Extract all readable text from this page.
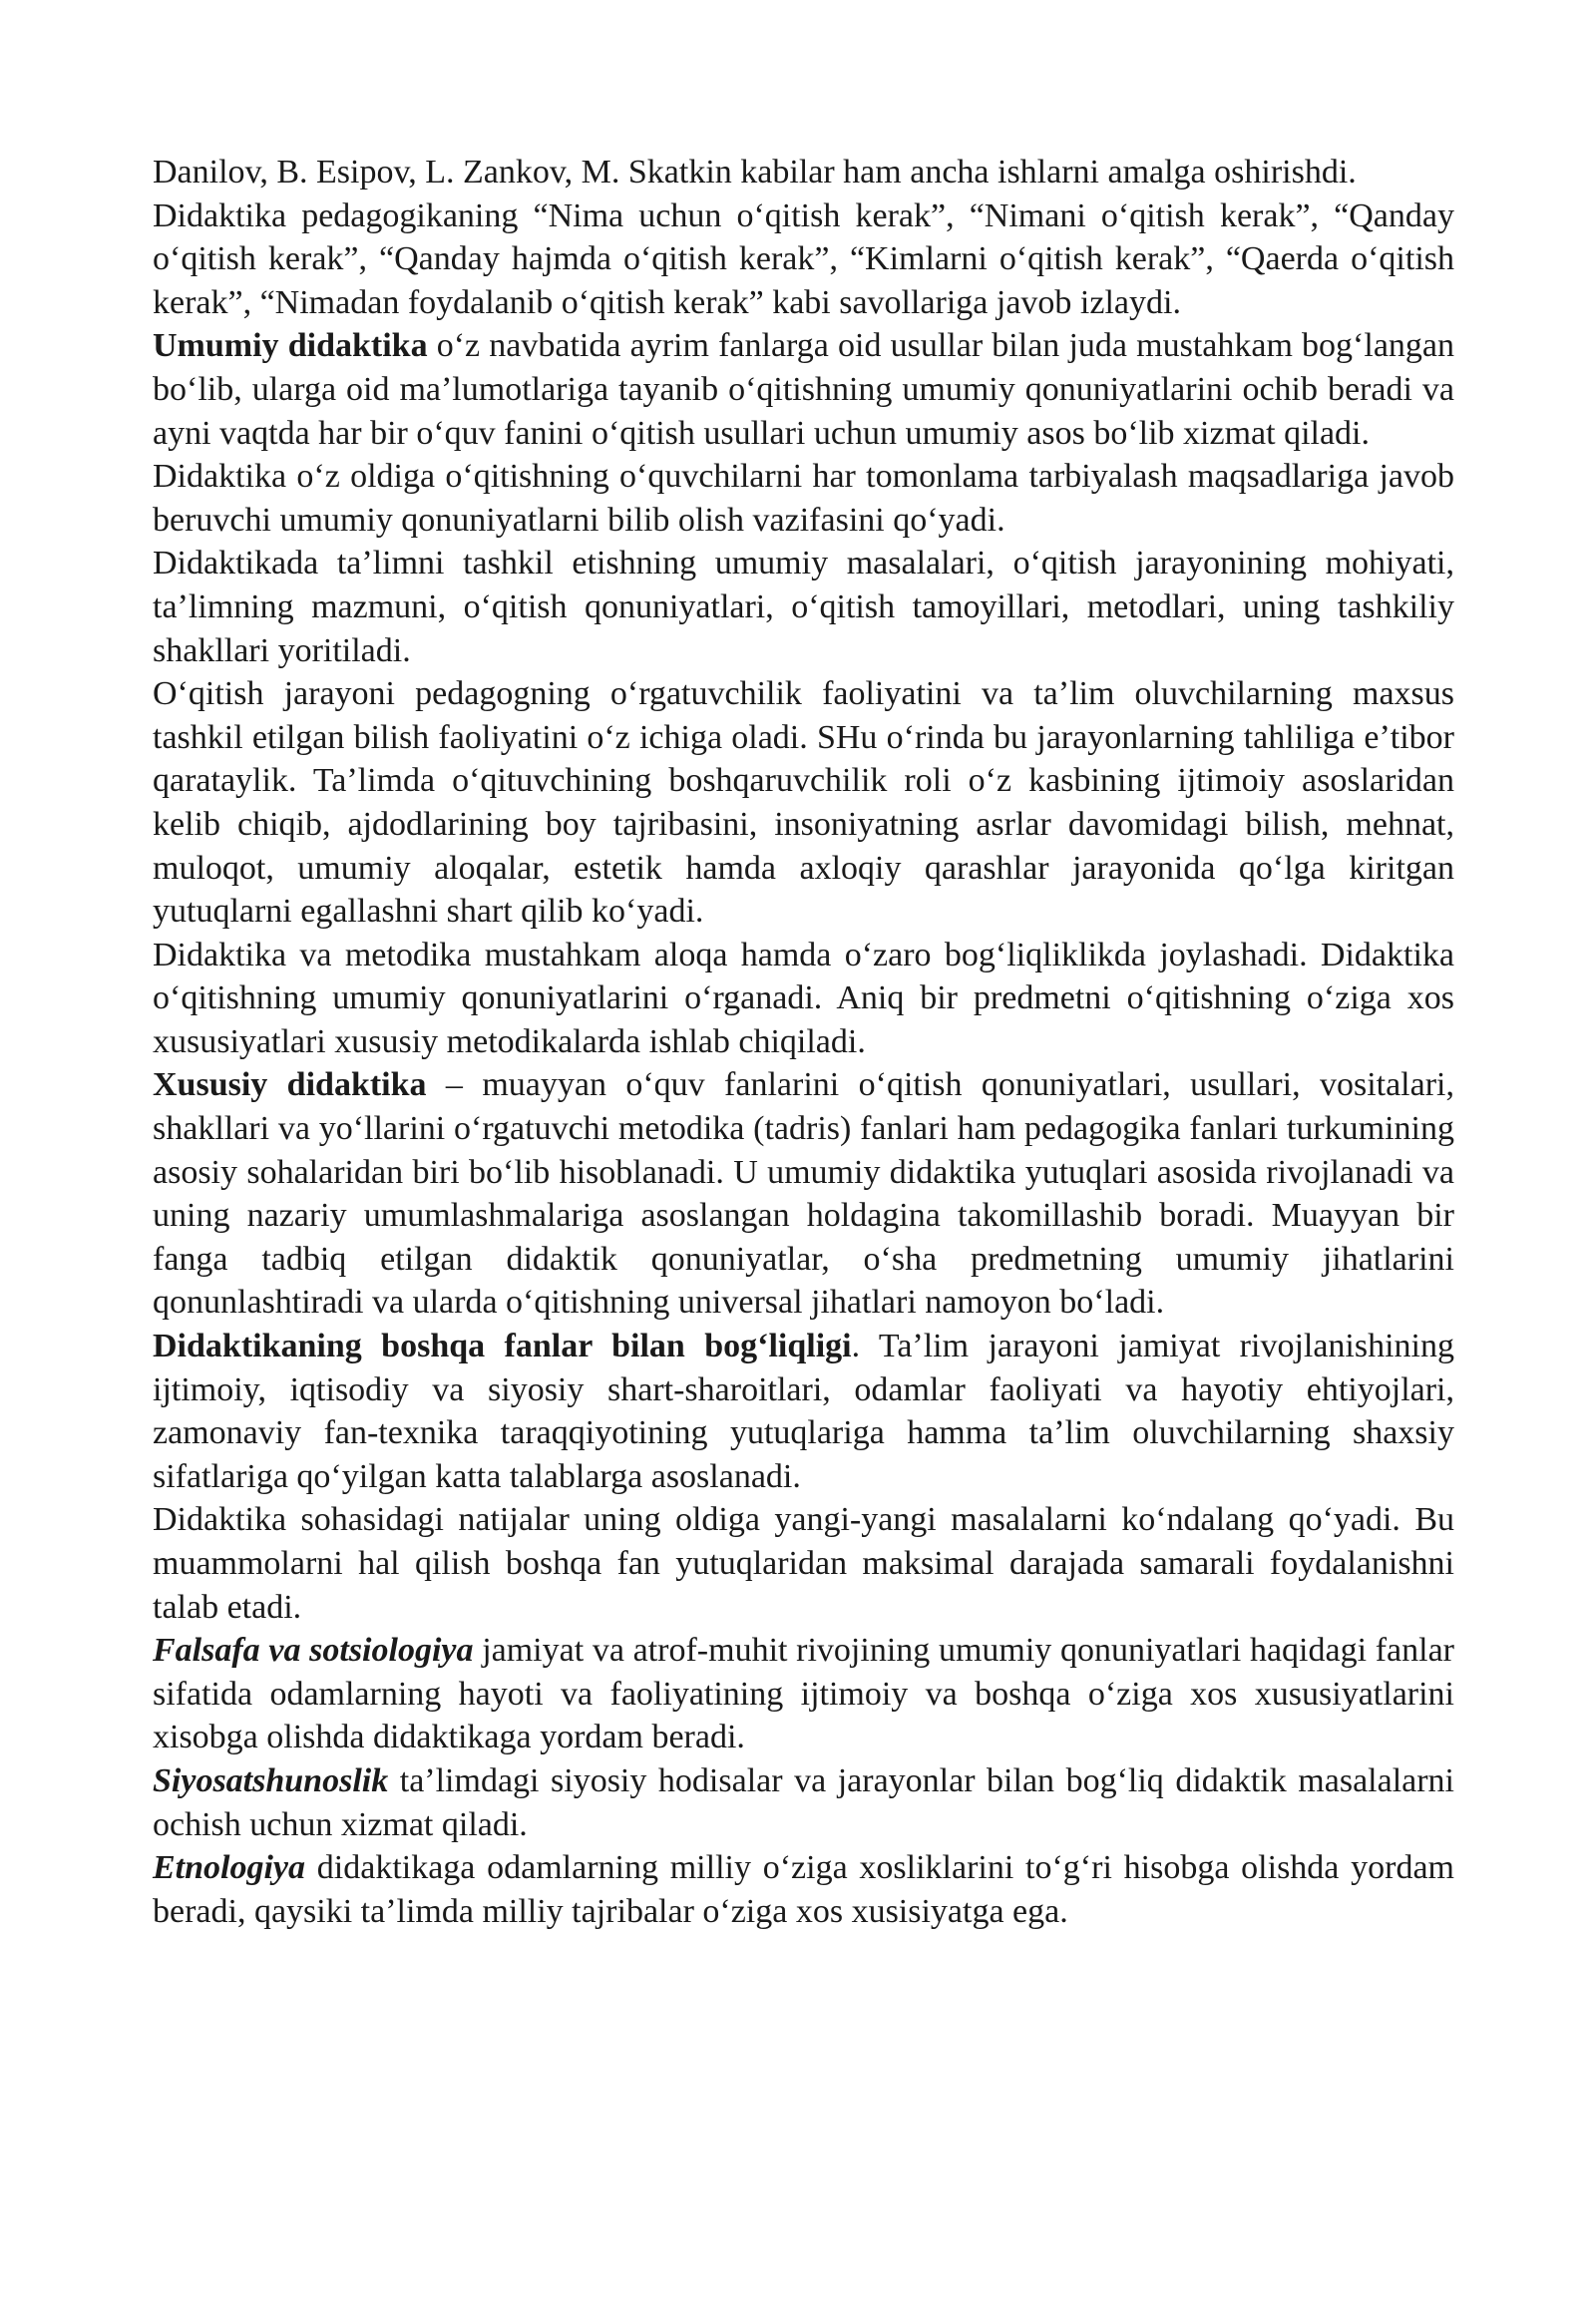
Danilov, B. Esipov, L. Zankov, M. Skatkin kabilar ham ancha ishlarni amalga oshirishdi.

Didaktika pedagogikaning “Nima uchun oʻqitish kerak”, “Nimani oʻqitish kerak”, “Qanday oʻqitish kerak”, “Qanday hajmda oʻqitish kerak”, “Kimlarni oʻqitish kerak”, “Qaerda oʻqitish kerak”, “Nimadan foydalanib oʻqitish kerak” kabi savollariga javob izlaydi.

Umumiy didaktika oʻz navbatida ayrim fanlarga oid usullar bilan juda mustahkam bogʻlangan boʻlib, ularga oid maʼlumotlariga tayanib oʻqitishning umumiy qonuniyatlarini ochib beradi va ayni vaqtda har bir oʻquv fanini oʻqitish usullari uchun umumiy asos boʻlib xizmat qiladi.

Didaktika oʻz oldiga oʻqitishning oʻquvchilarni har tomonlama tarbiyalash maqsadlariga javob beruvchi umumiy qonuniyatlarni bilib olish vazifasini qoʻyadi.

Didaktikada taʼlimni tashkil etishning umumiy masalalari, oʻqitish jarayonining mohiyati, taʼlimning mazmuni, oʻqitish qonuniyatlari, oʻqitish tamoyillari, metodlari, uning tashkiliy shakllari yoritiladi.

Oʻqitish jarayoni pedagogning oʻrgatuvchilik faoliyatini va taʼlim oluvchilarning maxsus tashkil etilgan bilish faoliyatini oʻz ichiga oladi. SHu oʻrinda bu jarayonlarning tahliliga eʼtibor qarataylik. Taʼlimda oʻqituvchining boshqaruvchilik roli oʻz kasbining ijtimoiy asoslaridan kelib chiqib, ajdodlarining boy tajribasini, insoniyatning asrlar davomidagi bilish, mehnat, muloqot, umumiy aloqalar, estetik hamda axloqiy qarashlar jarayonida qoʻlga kiritgan yutuqlarni egallashni shart qilib koʻyadi.

Didaktika va metodika mustahkam aloqa hamda oʻzaro bogʻliqliklikda joylashadi. Didaktika oʻqitishning umumiy qonuniyatlarini oʻrganadi. Aniq bir predmetni oʻqitishning oʻziga xos xususiyatlari xususiy metodikalarda ishlab chiqiladi.

Xususiy didaktika – muayyan oʻquv fanlarini oʻqitish qonuniyatlari, usullari, vositalari, shakllari va yoʻllarini oʻrgatuvchi metodika (tadris) fanlari ham pedagogika fanlari turkumining asosiy sohalaridan biri boʻlib hisoblanadi. U umumiy didaktika yutuqlari asosida rivojlanadi va uning nazariy umumlashmalariga asoslangan holdagina takomillashib boradi. Muayyan bir fanga tadbiq etilgan didaktik qonuniyatlar, oʻsha predmetning umumiy jihatlarini qonunlashtiradi va ularda oʻqitishning universal jihatlari namoyon boʻladi.

Didaktikaning boshqa fanlar bilan bogʻliqligi. Taʼlim jarayoni jamiyat rivojlanishining ijtimoiy, iqtisodiy va siyosiy shart-sharoitlari, odamlar faoliyati va hayotiy ehtiyojlari, zamonaviy fan-texnika taraqqiyotining yutuqlariga hamma taʼlim oluvchilarning shaxsiy sifatlariga qoʻyilgan katta talablarga asoslanadi.

Didaktika sohasidagi natijalar uning oldiga yangi-yangi masalalarni koʻndalang qoʻyadi. Bu muammolarni hal qilish boshqa fan yutuqlaridan maksimal darajada samarali foydalanishni talab etadi.

Falsafa va sotsiologiya jamiyat va atrof-muhit rivojining umumiy qonuniyatlari haqidagi fanlar sifatida odamlarning hayoti va faoliyatining ijtimoiy va boshqa oʻziga xos xususiyatlarini xisobga olishda didaktikaga yordam beradi.

Siyosatshunoslik taʼlimdagi siyosiy hodisalar va jarayonlar bilan bogʻliq didaktik masalalarni ochish uchun xizmat qiladi.

Etnologiya didaktikaga odamlarning milliy oʻziga xosliklarini toʻgʻri hisobga olishda yordam beradi, qaysiki taʼlimda milliy tajribalar oʻziga xos xusisiyatga ega.
